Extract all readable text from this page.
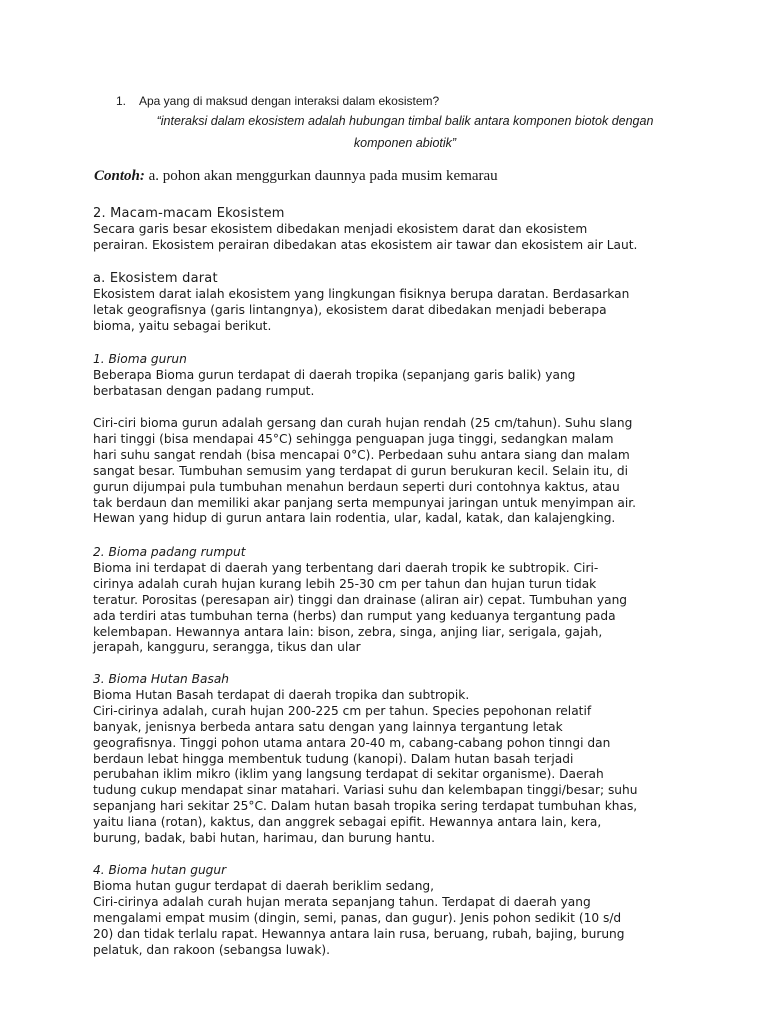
1. Apa yang di maksud dengan interaksi dalam ekosistem?

“interaksi dalam ekosistem adalah hubungan timbal balik antara komponen biotok dengan

komponen abiotik”

Contoh: a. pohon akan menggurkan daunnya pada musim kemarau

2. Macam-macam Ekosistem

Secara garis besar ekosistem dibedakan menjadi ekosistem darat dan ekosistem

perairan. Ekosistem perairan dibedakan atas ekosistem air tawar dan ekosistem air Laut.

a. Ekosistem darat

Ekosistem darat ialah ekosistem yang lingkungan fisiknya berupa daratan. Berdasarkan

letak geografisnya (garis lintangnya), ekosistem darat dibedakan menjadi beberapa

bioma, yaitu sebagai berikut.

1. Bioma gurun

Beberapa Bioma gurun terdapat di daerah tropika (sepanjang garis balik) yang

berbatasan dengan padang rumput.

Ciri-ciri bioma gurun adalah gersang dan curah hujan rendah (25 cm/tahun). Suhu slang

hari tinggi (bisa mendapai 45°C) sehingga penguapan juga tinggi, sedangkan malam

hari suhu sangat rendah (bisa mencapai 0°C). Perbedaan suhu antara siang dan malam

sangat besar. Tumbuhan semusim yang terdapat di gurun berukuran kecil. Selain itu, di

gurun dijumpai pula tumbuhan menahun berdaun seperti duri contohnya kaktus, atau

tak berdaun dan memiliki akar panjang serta mempunyai jaringan untuk menyimpan air.

Hewan yang hidup di gurun antara lain rodentia, ular, kadal, katak, dan kalajengking.

2. Bioma padang rumput

Bioma ini terdapat di daerah yang terbentang dari daerah tropik ke subtropik. Ciri-

cirinya adalah curah hujan kurang lebih 25-30 cm per tahun dan hujan turun tidak

teratur. Porositas (peresapan air) tinggi dan drainase (aliran air) cepat. Tumbuhan yang

ada terdiri atas tumbuhan terna (herbs) dan rumput yang keduanya tergantung pada

kelembapan. Hewannya antara lain: bison, zebra, singa, anjing liar, serigala, gajah,

jerapah, kangguru, serangga, tikus dan ular

3. Bioma Hutan Basah

Bioma Hutan Basah terdapat di daerah tropika dan subtropik.

Ciri-cirinya adalah, curah hujan 200-225 cm per tahun. Species pepohonan relatif

banyak, jenisnya berbeda antara satu dengan yang lainnya tergantung letak

geografisnya. Tinggi pohon utama antara 20-40 m, cabang-cabang pohon tinngi dan

berdaun lebat hingga membentuk tudung (kanopi). Dalam hutan basah terjadi

perubahan iklim mikro (iklim yang langsung terdapat di sekitar organisme). Daerah

tudung cukup mendapat sinar matahari. Variasi suhu dan kelembapan tinggi/besar; suhu

sepanjang hari sekitar 25°C. Dalam hutan basah tropika sering terdapat tumbuhan khas,

yaitu liana (rotan), kaktus, dan anggrek sebagai epifit. Hewannya antara lain, kera,

burung, badak, babi hutan, harimau, dan burung hantu.

4. Bioma hutan gugur

Bioma hutan gugur terdapat di daerah beriklim sedang,

Ciri-cirinya adalah curah hujan merata sepanjang tahun. Terdapat di daerah yang

mengalami empat musim (dingin, semi, panas, dan gugur). Jenis pohon sedikit (10 s/d

20) dan tidak terlalu rapat. Hewannya antara lain rusa, beruang, rubah, bajing, burung

pelatuk, dan rakoon (sebangsa luwak).
